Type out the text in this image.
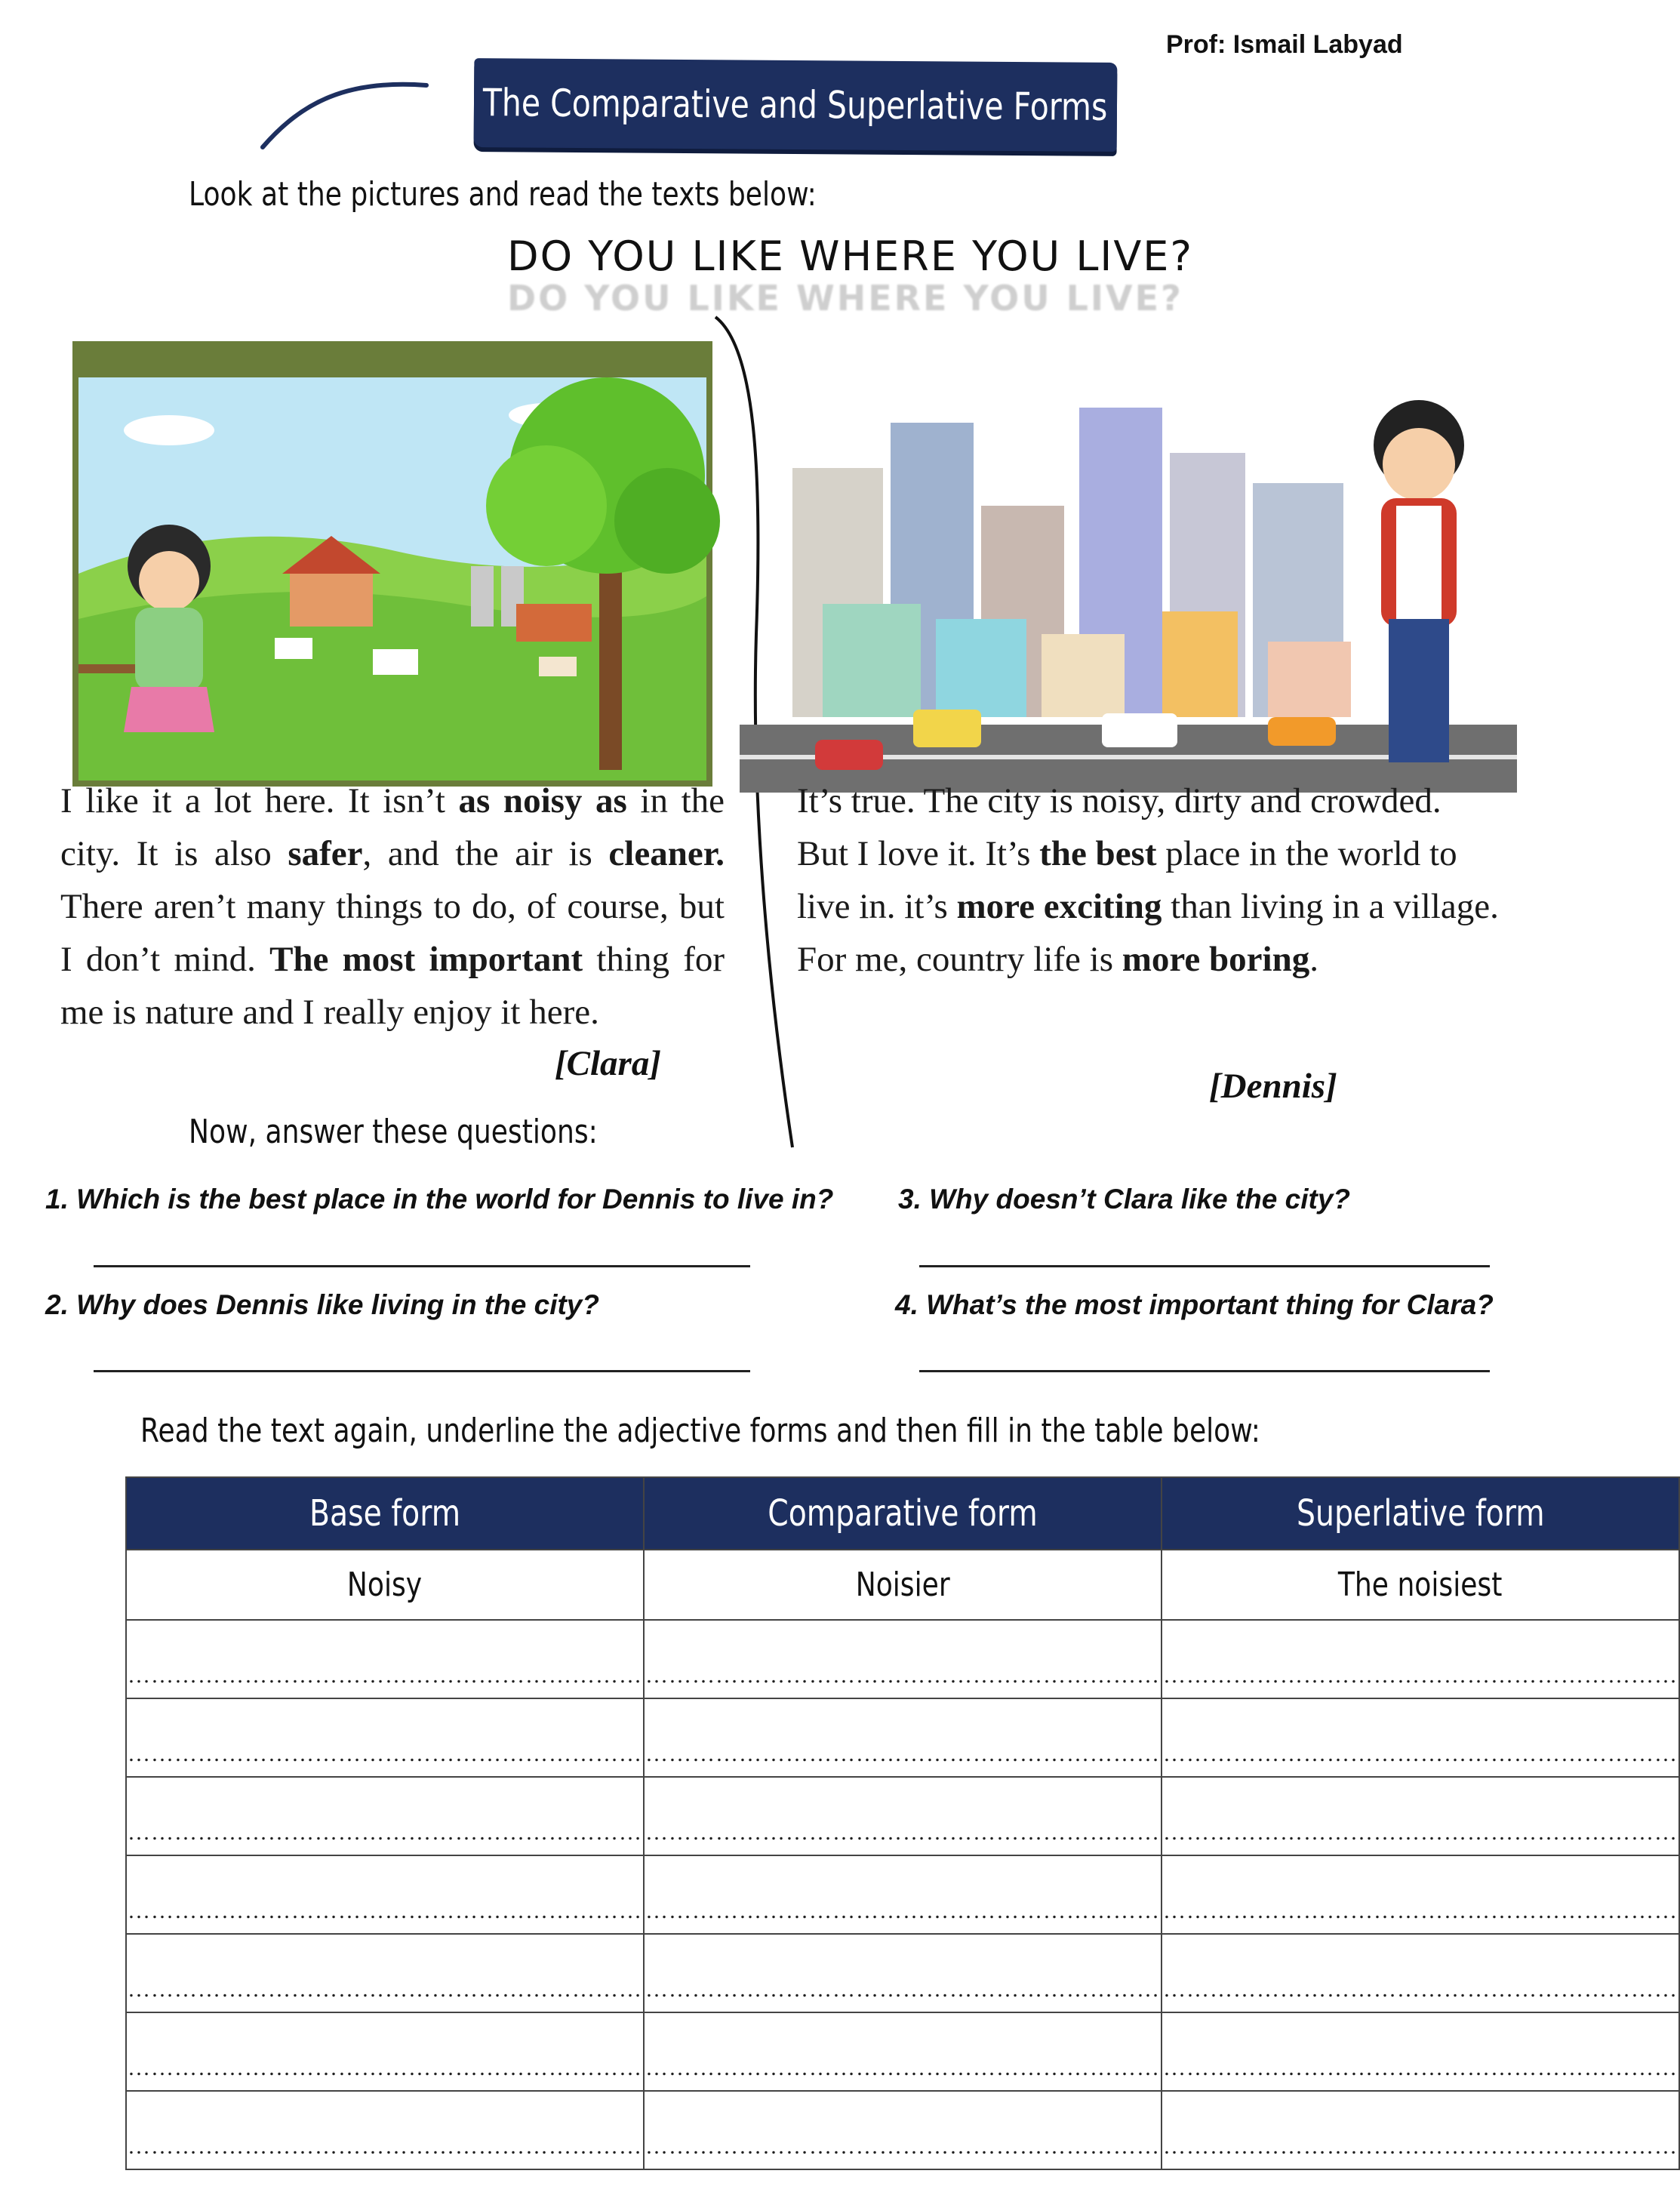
Prof: Ismail Labyad
The Comparative and Superlative Forms
Look at the pictures and read the texts below:
DO YOU LIKE WHERE YOU LIVE?
DO YOU LIKE WHERE YOU LIVE?
I like it a lot here. It isn’t as noisy as in the city. It is also safer, and the air is cleaner. There aren’t many things to do, of course, but I don’t mind. The most important thing for me is nature and I really enjoy it here.
[Clara]
It’s true. The city is noisy, dirty and crowded. But I love it. It’s the best place in the world to live in. it’s more exciting than living in a village. For me, country life is more boring.
[Dennis]
Now, answer these questions:
1. Which is the best place in the world for Dennis to live in?
2. Why does Dennis like living in the city?
3. Why doesn’t Clara like the city?
4. What’s the most important thing for Clara?
Read the text again, underline the adjective forms and then fill in the table below:
Base form	Comparative form	Superlative form
Noisy	Noisier	The noisiest
…………………………………………………………	…………………………………………………………	…………………………………………………………
…………………………………………………………	…………………………………………………………	…………………………………………………………
…………………………………………………………	…………………………………………………………	…………………………………………………………
…………………………………………………………	…………………………………………………………	…………………………………………………………
…………………………………………………………	…………………………………………………………	…………………………………………………………
…………………………………………………………	…………………………………………………………	…………………………………………………………
…………………………………………………………	…………………………………………………………	…………………………………………………………
